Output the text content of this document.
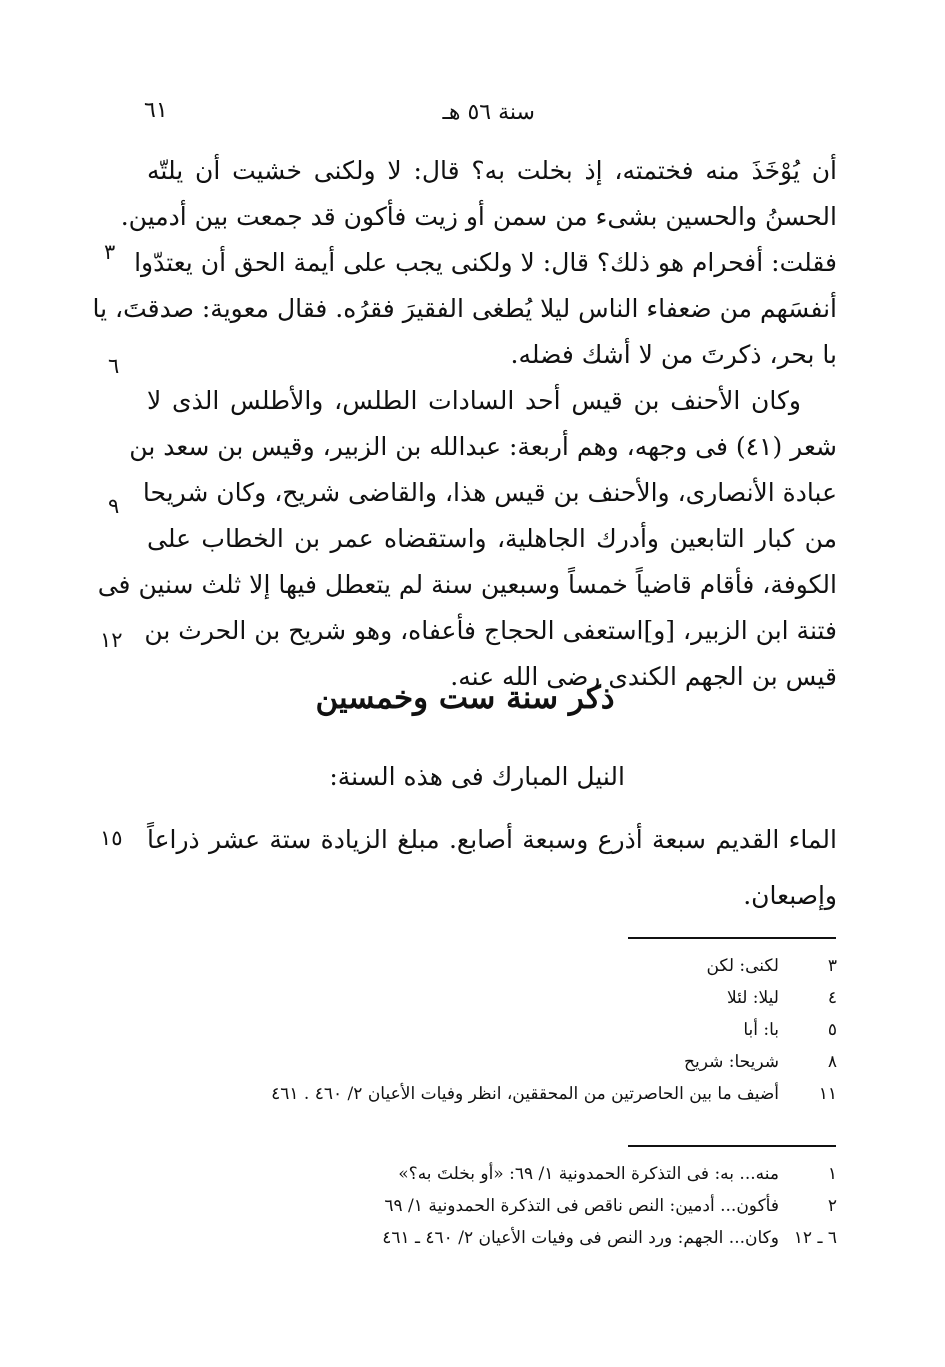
٦١	سنة ٥٦ هـ
أن يُوْخَذَ منه فختمته، إذ بخلت به؟ قال: لا ولكنى خشيت أن يلتّه
الحسنُ والحسين بشىء من سمن أو زيت فأكون قد جمعت بين أدمين.
فقلت: أفحرام هو ذلك؟ قال: لا ولكنى يجب على أيمة الحق أن يعتدّوا
أنفسَهم من ضعفاء الناس ليلا يُطغى الفقيرَ فقرُه. فقال معوية: صدقتَ، يا
با بحر، ذكرتَ من لا أشك فضله.
وكان الأحنف بن قيس أحد السادات الطلس، والأطلس الذى لا
شعر (٤١) فى وجهه، وهم أربعة: عبدالله بن الزبير، وقيس بن سعد بن
عبادة الأنصارى، والأحنف بن قيس هذا، والقاضى شريح، وكان شريحا
من كبار التابعين وأدرك الجاهلية، واستقضاه عمر بن الخطاب على
الكوفة، فأقام قاضياً خمساً وسبعين سنة لم يتعطل فيها إلا ثلث سنين فى
فتنة ابن الزبير، [و]استعفى الحجاج فأعفاه، وهو شريح بن الحرث بن
قيس بن الجهم الكندى رضى الله عنه.
٣
٦
٩
١٢
ذكر سنة ست وخمسين
النيل المبارك فى هذه السنة:
الماء القديم سبعة أذرع وسبعة أصابع. مبلغ الزيادة ستة عشر ذراعاً
وإصبعان.
١٥
٣لكنى: لكن
٤ليلا: لئلا
٥با: أبا
٨شريحا: شريح
١١أضيف ما بين الحاصرتين من المحققين، انظر وفيات الأعيان ٢/ ٤٦٠ . ٤٦١
١منه... به: فى التذكرة الحمدونية ١/ ٦٩: «أو بخلتَ به؟»
٢فأكون... أدمين: النص ناقص فى التذكرة الحمدونية ١/ ٦٩
٦ ـ ١٢وكان... الجهم: ورد النص فى وفيات الأعيان ٢/ ٤٦٠ ـ ٤٦١
